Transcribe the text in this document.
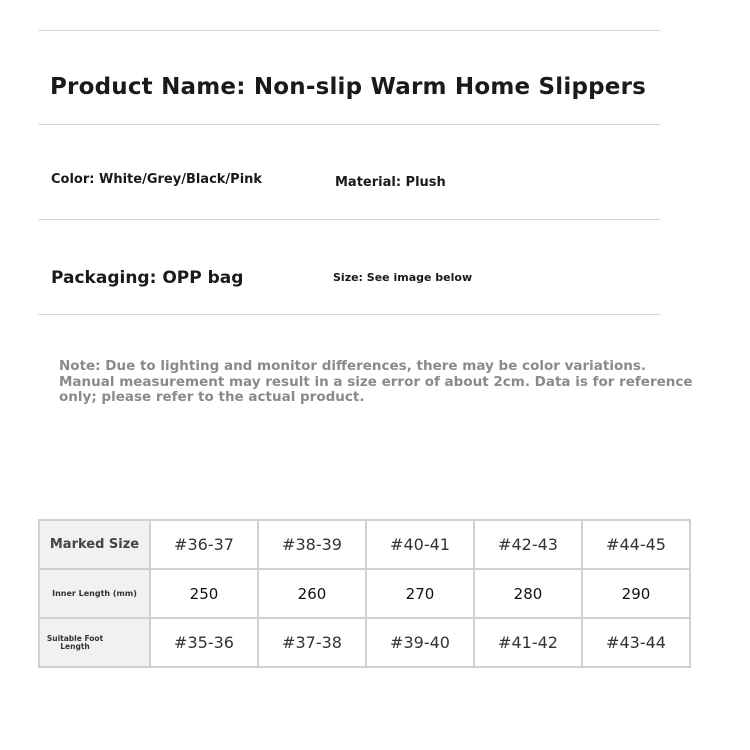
Product Name: Non-slip Warm Home Slippers
Color: White/Grey/Black/Pink	Material: Plush
Packaging: OPP bag	Size: See image below
Note: Due to lighting and monitor differences, there may be color variations. Manual measurement may result in a size error of about 2cm. Data is for reference only; please refer to the actual product.
Marked Size	#36-37	#38-39	#40-41	#42-43	#44-45

Inner Length (mm)	250	260	270	280	290

Suitable Foot Length	#35-36	#37-38	#39-40	#41-42	#43-44
